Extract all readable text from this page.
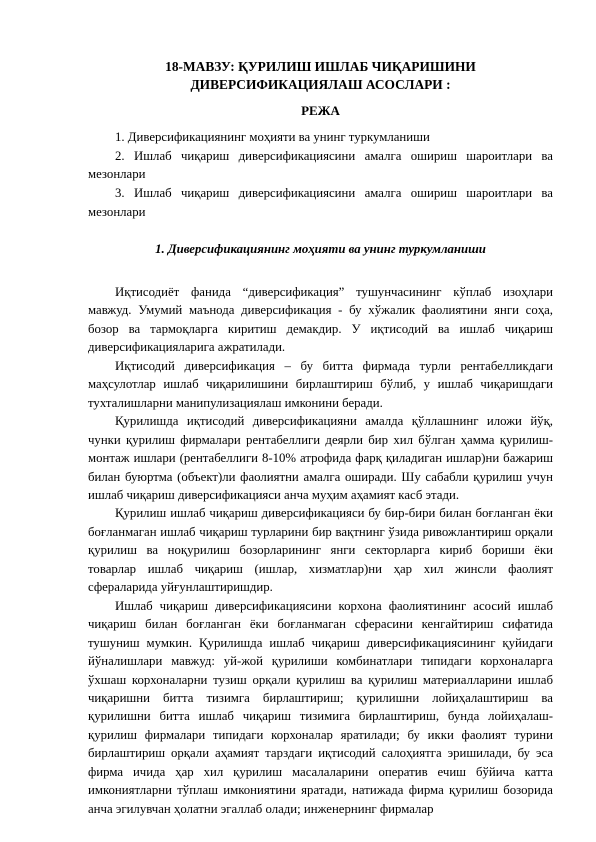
18-МАВЗУ: ҚУРИЛИШ ИШЛАБ ЧИҚАРИШИНИ
ДИВЕРСИФИКАЦИЯЛАШ АСОСЛАРИ :
РЕЖА
1. Диверсификациянинг моҳияти ва унинг туркумланиши
2. Ишлаб чиқариш диверсификациясини амалга ошириш шароитлари ва мезонлари
3. Ишлаб чиқариш диверсификациясини амалга ошириш шароитлари ва мезонлари
1. Диверсификациянинг моҳияти ва унинг туркумланиши

Иқтисодиёт фанида “диверсификация” тушунчасининг кўплаб изоҳлари мавжуд. Умумий маънода диверсификация - бу хўжалик фаолиятини янги соҳа, бозор ва тармоқларга киритиш демакдир. У иқтисодий ва ишлаб чиқариш диверсификацияларига ажратилади.

Иқтисодий диверсификация – бу битта фирмада турли рентабелликдаги маҳсулотлар ишлаб чиқарилишини бирлаштириш бўлиб, у ишлаб чиқаришдаги тухталишларни манипулизациялаш имконини беради.

Қурилишда иқтисодий диверсификацияни амалда қўллашнинг иложи йўқ, чунки қурилиш фирмалари рентабеллиги деярли бир хил бўлган ҳамма қурилиш-монтаж ишлари (рентабеллиги 8-10% атрофида фарқ қиладиган ишлар)ни бажариш билан буюртма (объект)ли фаолиятни амалга оширади. Шу сабабли қурилиш учун ишлаб чиқариш диверсификацияси анча муҳим аҳамият касб этади.

Қурилиш ишлаб чиқариш диверсификацияси бу бир-бири билан боғланган ёки боғланмаган ишлаб чиқариш турларини бир вақтнинг ўзида ривожлантириш орқали қурилиш ва ноқурилиш бозорларининг янги секторларга кириб бориши ёки товарлар ишлаб чиқариш (ишлар, хизматлар)ни ҳар хил жинсли фаолият сфераларида уйғунлаштиришдир.

Ишлаб чиқариш диверсификациясини корхона фаолиятининг асосий ишлаб чиқариш билан боғланган ёки боғланмаган сферасини кенгайтириш сифатида тушуниш мумкин. Қурилишда ишлаб чиқариш диверсификациясининг қуйидаги йўналишлари мавжуд: уй-жой қурилиши комбинатлари типидаги корхоналарга ўхшаш корхоналарни тузиш орқали қурилиш ва қурилиш материалларини ишлаб чиқаришни битта тизимга бирлаштириш; қурилишни лойиҳалаштириш ва қурилишни битта ишлаб чиқариш тизимига бирлаштириш, бунда лойиҳалаш-қурилиш фирмалари типидаги корхоналар яратилади; бу икки фаолият турини бирлаштириш орқали аҳамият тарздаги иқтисодий салоҳиятга эришилади, бу эса фирма ичида ҳар хил қурилиш масалаларини оператив ечиш бўйича катта имкониятларни тўплаш имкониятини яратади, натижада фирма қурилиш бозорида анча эгилувчан ҳолатни эгаллаб олади; инженернинг фирмалар
